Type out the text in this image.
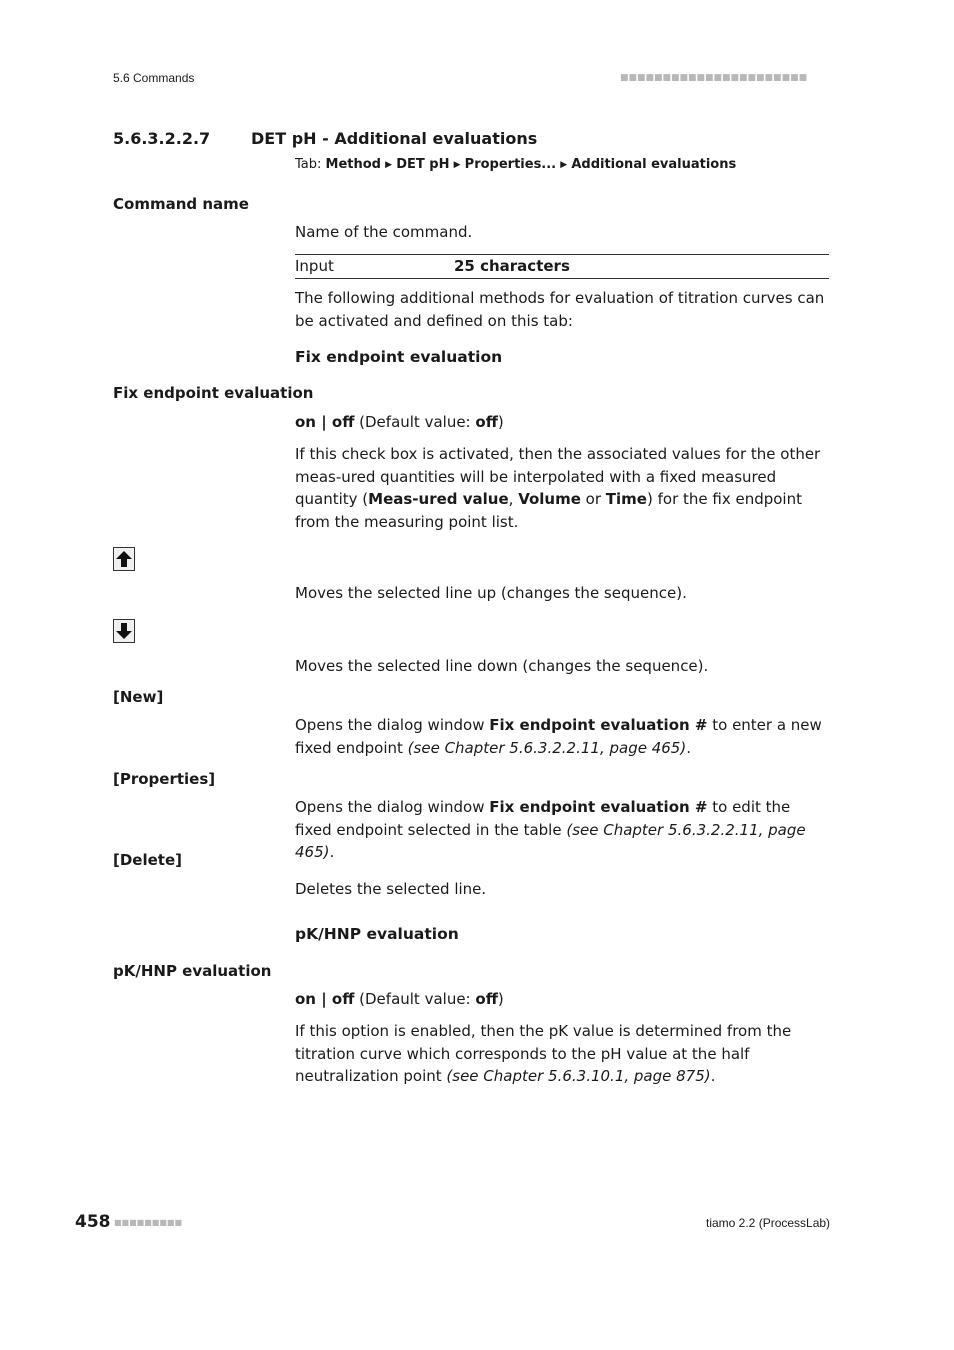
5.6 Commands	■■■■■■■■■■■■■■■■■■■■■■
5.6.3.2.2.7	DET pH - Additional evaluations
Tab: Method ▶ DET pH ▶ Properties... ▶ Additional evaluations
Command name
Name of the command.
Input	25 characters
The following additional methods for evaluation of titration curves can be activated and defined on this tab:
Fix endpoint evaluation
Fix endpoint evaluation
on | off (Default value: off)
If this check box is activated, then the associated values for the other meas-ured quantities will be interpolated with a fixed measured quantity (Meas-ured value, Volume or Time) for the fix endpoint from the measuring point list.
Moves the selected line up (changes the sequence).
Moves the selected line down (changes the sequence).
[New]
Opens the dialog window Fix endpoint evaluation # to enter a new fixed endpoint (see Chapter 5.6.3.2.2.11, page 465).
[Properties]
Opens the dialog window Fix endpoint evaluation # to edit the fixed endpoint selected in the table (see Chapter 5.6.3.2.2.11, page 465).
[Delete]
Deletes the selected line.
pK/HNP evaluation
pK/HNP evaluation
on | off (Default value: off)
If this option is enabled, then the pK value is determined from the titration curve which corresponds to the pH value at the half neutralization point (see Chapter 5.6.3.10.1, page 875).
458 ■■■■■■■■■	tiamo 2.2 (ProcessLab)
